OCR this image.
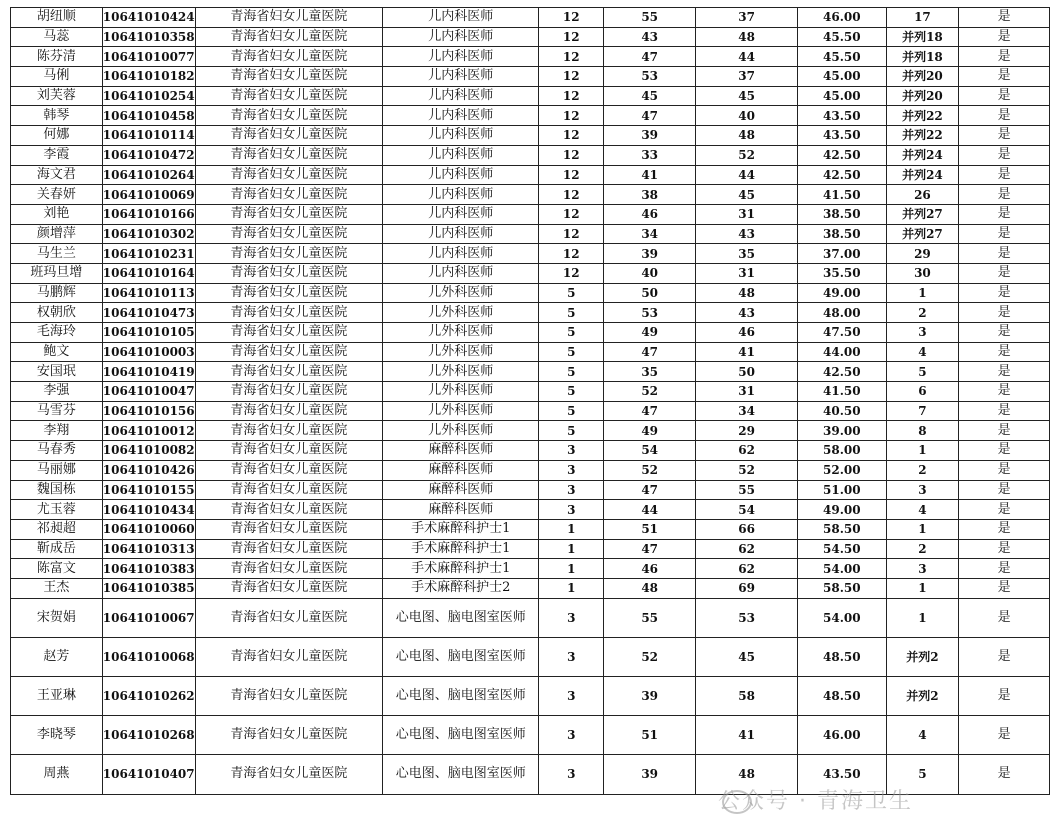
胡纽顺	10641010424	青海省妇女儿童医院	儿内科医师	12	55	37	46.00	17	是
马蕊	10641010358	青海省妇女儿童医院	儿内科医师	12	43	48	45.50	并列18	是
陈芬清	10641010077	青海省妇女儿童医院	儿内科医师	12	47	44	45.50	并列18	是
马俐	10641010182	青海省妇女儿童医院	儿内科医师	12	53	37	45.00	并列20	是
刘芙蓉	10641010254	青海省妇女儿童医院	儿内科医师	12	45	45	45.00	并列20	是
韩琴	10641010458	青海省妇女儿童医院	儿内科医师	12	47	40	43.50	并列22	是
何娜	10641010114	青海省妇女儿童医院	儿内科医师	12	39	48	43.50	并列22	是
李霞	10641010472	青海省妇女儿童医院	儿内科医师	12	33	52	42.50	并列24	是
海文君	10641010264	青海省妇女儿童医院	儿内科医师	12	41	44	42.50	并列24	是
关春妍	10641010069	青海省妇女儿童医院	儿内科医师	12	38	45	41.50	26	是
刘艳	10641010166	青海省妇女儿童医院	儿内科医师	12	46	31	38.50	并列27	是
颜增萍	10641010302	青海省妇女儿童医院	儿内科医师	12	34	43	38.50	并列27	是
马生兰	10641010231	青海省妇女儿童医院	儿内科医师	12	39	35	37.00	29	是
班玛旦增	10641010164	青海省妇女儿童医院	儿内科医师	12	40	31	35.50	30	是
马鹏辉	10641010113	青海省妇女儿童医院	儿外科医师	5	50	48	49.00	1	是
权朝欣	10641010473	青海省妇女儿童医院	儿外科医师	5	53	43	48.00	2	是
毛海玲	10641010105	青海省妇女儿童医院	儿外科医师	5	49	46	47.50	3	是
鲍文	10641010003	青海省妇女儿童医院	儿外科医师	5	47	41	44.00	4	是
安国珉	10641010419	青海省妇女儿童医院	儿外科医师	5	35	50	42.50	5	是
李强	10641010047	青海省妇女儿童医院	儿外科医师	5	52	31	41.50	6	是
马雪芬	10641010156	青海省妇女儿童医院	儿外科医师	5	47	34	40.50	7	是
李翔	10641010012	青海省妇女儿童医院	儿外科医师	5	49	29	39.00	8	是
马春秀	10641010082	青海省妇女儿童医院	麻醉科医师	3	54	62	58.00	1	是
马丽娜	10641010426	青海省妇女儿童医院	麻醉科医师	3	52	52	52.00	2	是
魏国栋	10641010155	青海省妇女儿童医院	麻醉科医师	3	47	55	51.00	3	是
尤玉蓉	10641010434	青海省妇女儿童医院	麻醉科医师	3	44	54	49.00	4	是
祁昶超	10641010060	青海省妇女儿童医院	手术麻醉科护士1	1	51	66	58.50	1	是
靳成岳	10641010313	青海省妇女儿童医院	手术麻醉科护士1	1	47	62	54.50	2	是
陈富文	10641010383	青海省妇女儿童医院	手术麻醉科护士1	1	46	62	54.00	3	是
王杰	10641010385	青海省妇女儿童医院	手术麻醉科护士2	1	48	69	58.50	1	是
宋贺娟	10641010067	青海省妇女儿童医院	心电图、脑电图室医师	3	55	53	54.00	1	是
赵芳	10641010068	青海省妇女儿童医院	心电图、脑电图室医师	3	52	45	48.50	并列2	是
王亚琳	10641010262	青海省妇女儿童医院	心电图、脑电图室医师	3	39	58	48.50	并列2	是
李晓琴	10641010268	青海省妇女儿童医院	心电图、脑电图室医师	3	51	41	46.00	4	是
周燕	10641010407	青海省妇女儿童医院	心电图、脑电图室医师	3	39	48	43.50	5	是
公众号 · 青海卫生
